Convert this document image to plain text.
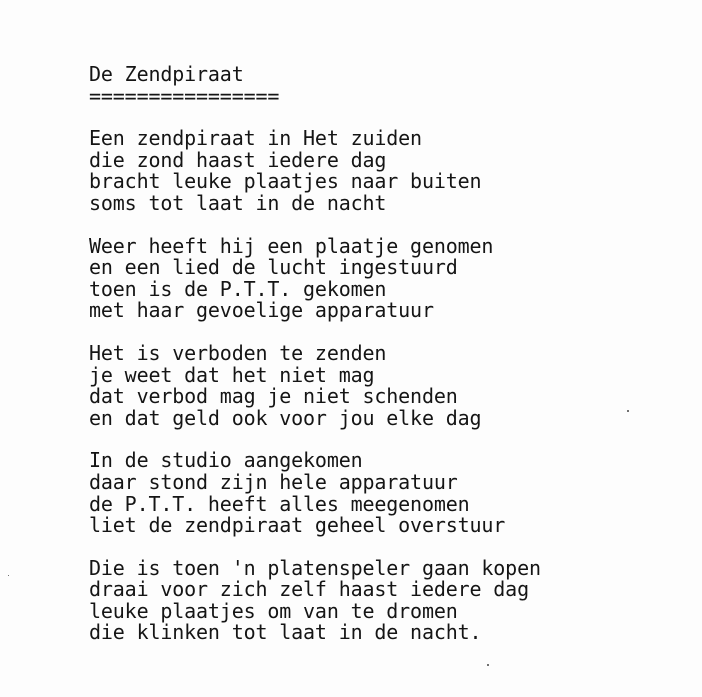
De Zendpiraat
================
Een zendpiraat in Het zuiden
die zond haast iedere dag
bracht leuke plaatjes naar buiten
soms tot laat in de nacht
Weer heeft hij een plaatje genomen
en een lied de lucht ingestuurd
toen is de P.T.T. gekomen
met haar gevoelige apparatuur
Het is verboden te zenden
je weet dat het niet mag
dat verbod mag je niet schenden
en dat geld ook voor jou elke dag
In de studio aangekomen
daar stond zijn hele apparatuur
de P.T.T. heeft alles meegenomen
liet de zendpiraat geheel overstuur
Die is toen 'n platenspeler gaan kopen
draai voor zich zelf haast iedere dag
leuke plaatjes om van te dromen
die klinken tot laat in de nacht.
